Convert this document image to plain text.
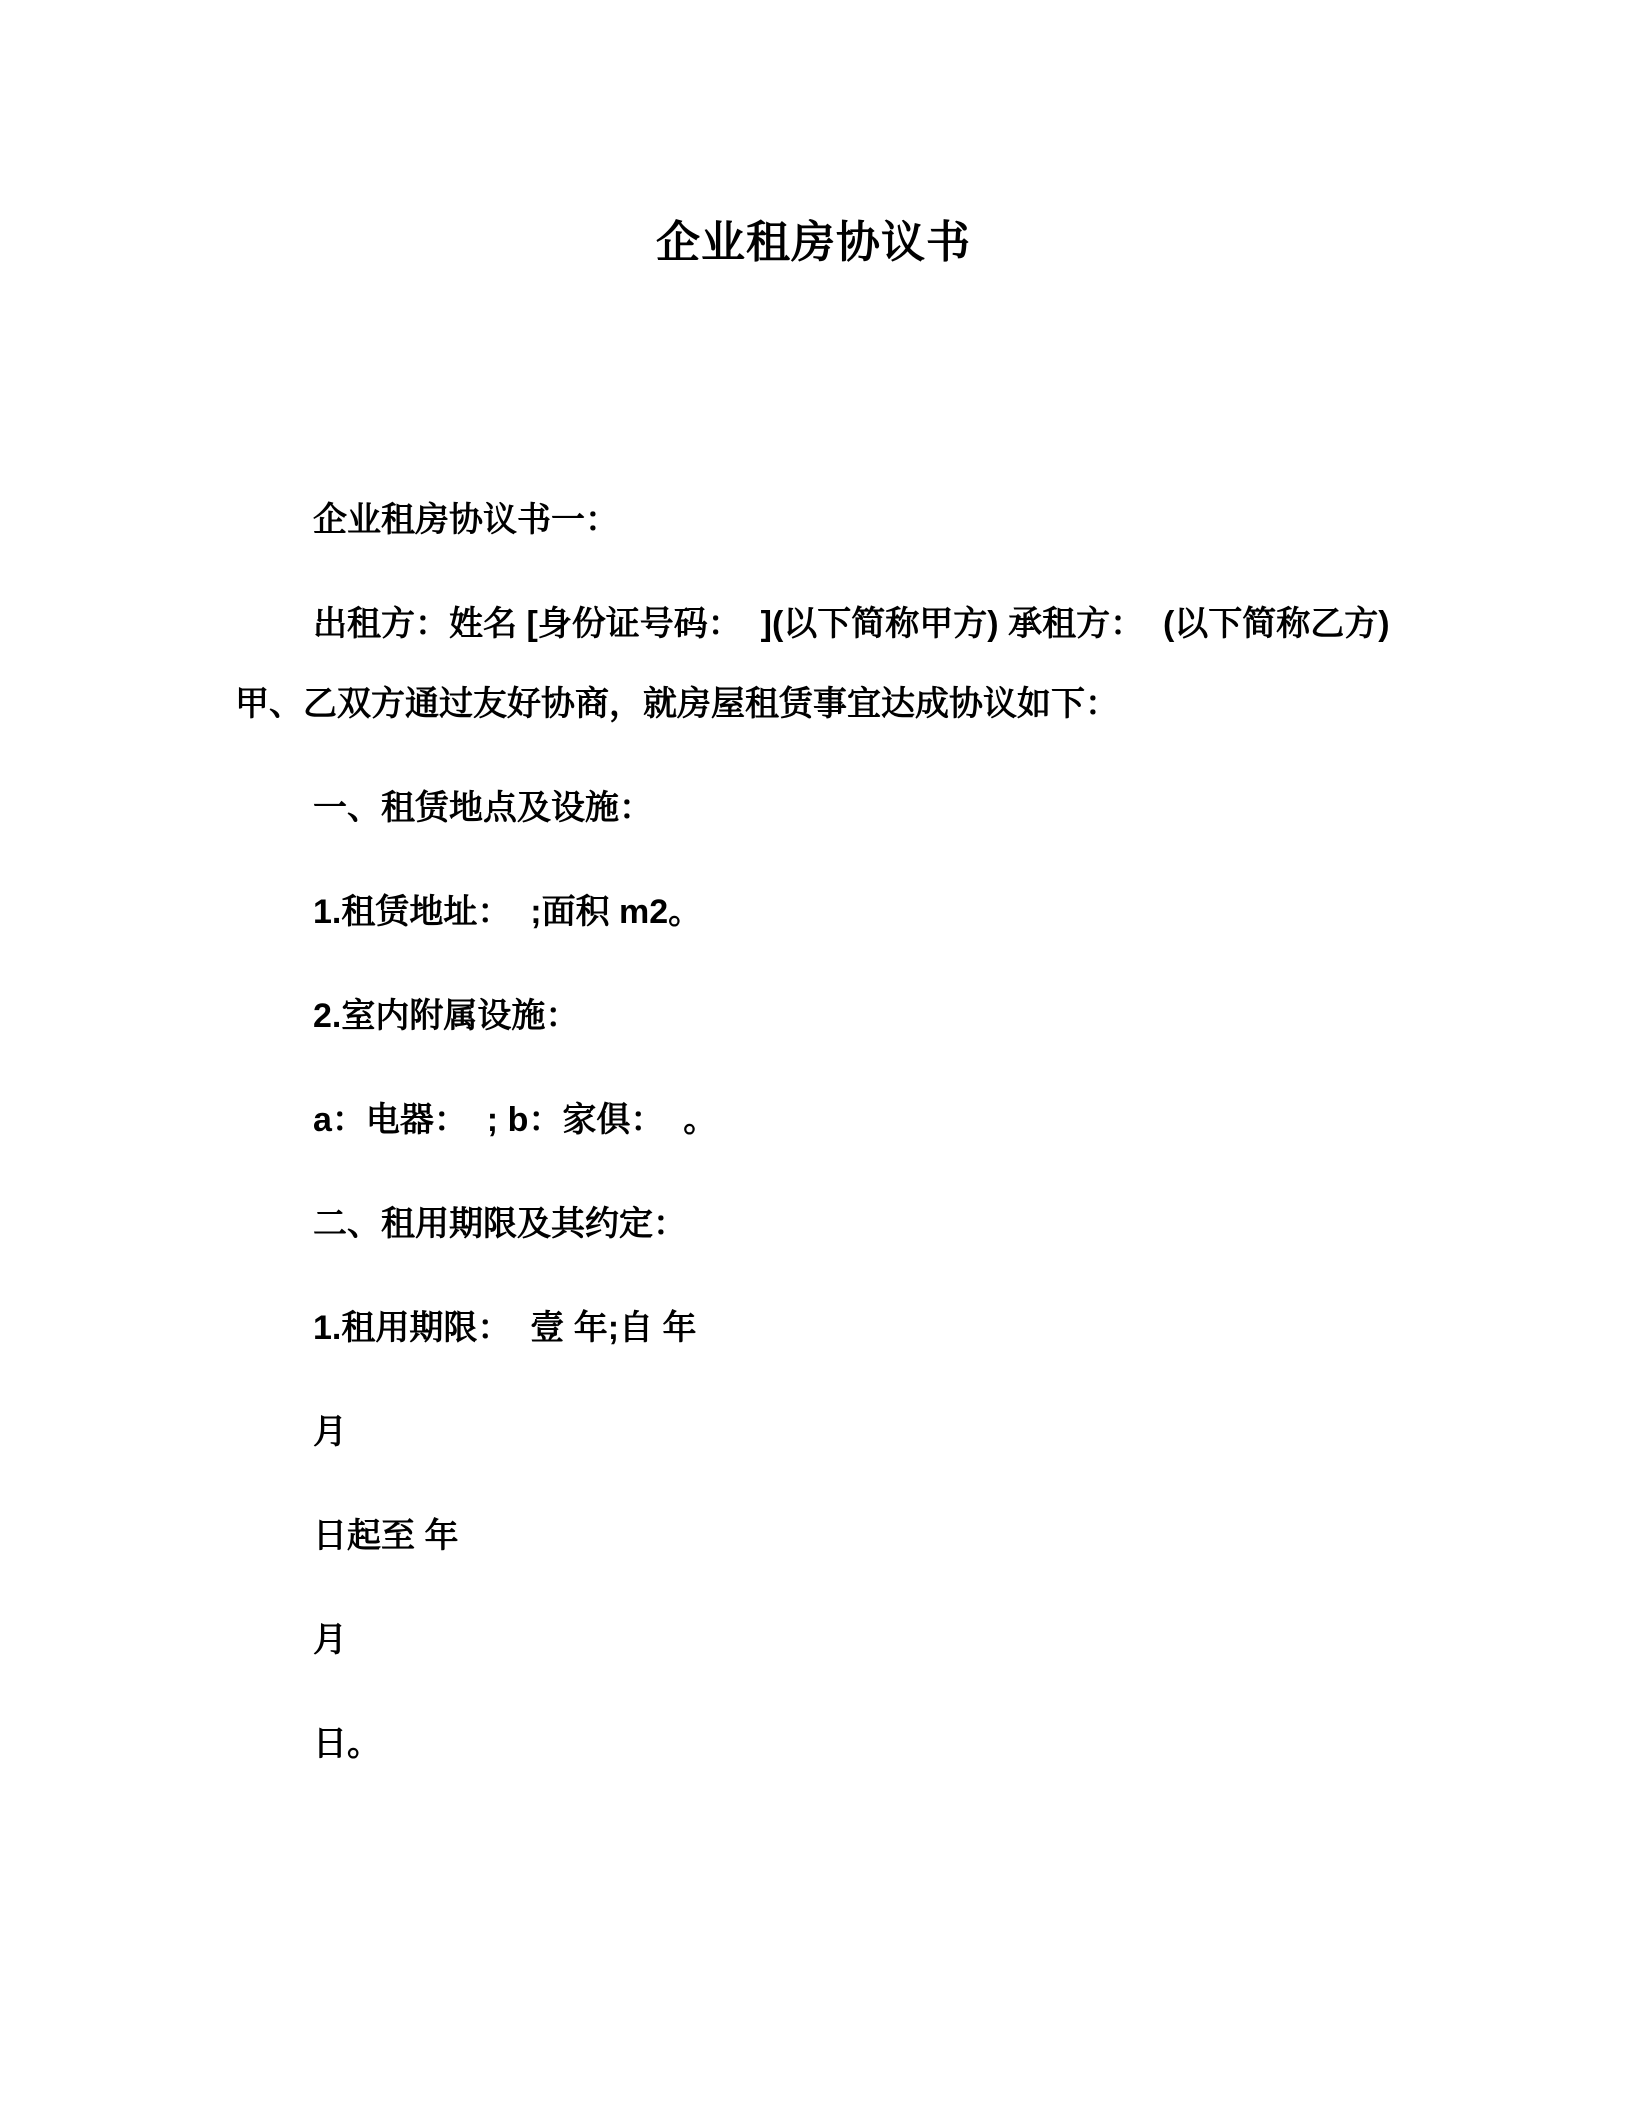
企业租房协议书

企业租房协议书一：

出租方：姓名 [身份证号码：  ](以下简称甲方) 承租方：  (以下简称乙方) 甲、乙双方通过友好协商，就房屋租赁事宜达成协议如下：

一、租赁地点及设施：

1.租赁地址：  ;面积 m2。

2.室内附属设施：

a：电器：  ; b：家俱：  。

二、租用期限及其约定：

1.租用期限：  壹 年;自 年

月

日起至 年

月

日。
